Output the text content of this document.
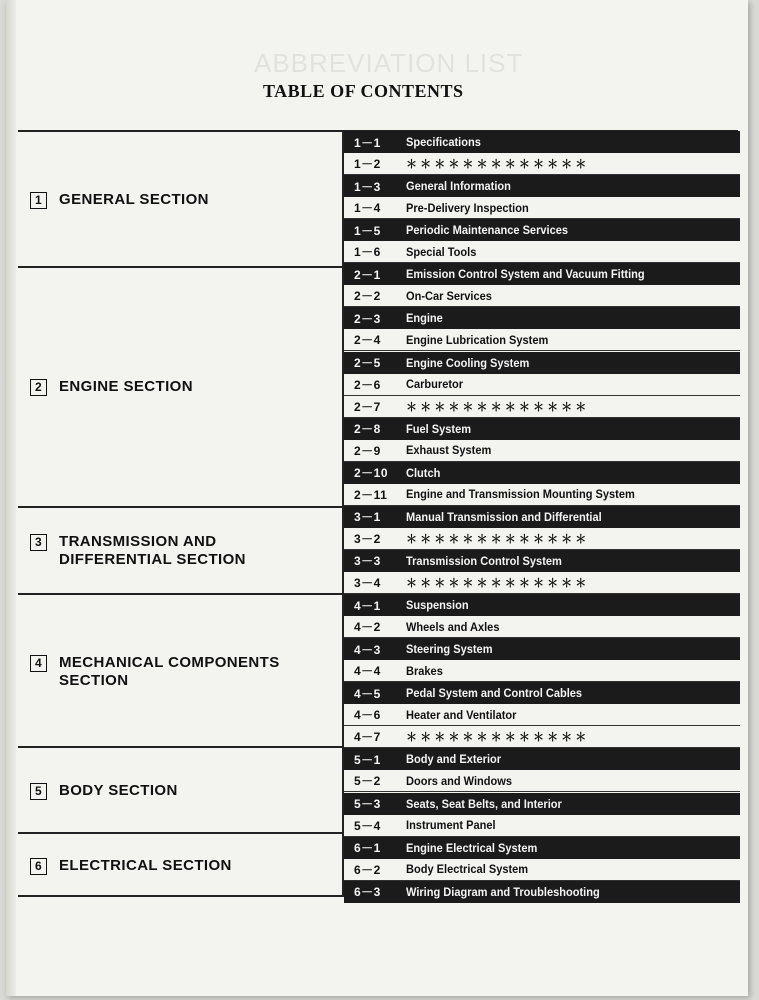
ABBREVIATION LIST
TABLE OF CONTENTS
1	GENERAL SECTION
2	ENGINE SECTION
3	TRANSMISSION AND
DIFFERENTIAL SECTION
4	MECHANICAL COMPONENTS
SECTION
5	BODY SECTION
6	ELECTRICAL SECTION
1－1	Specifications
1－2	＊ ＊ ＊ ＊ ＊ ＊ ＊ ＊ ＊ ＊ ＊ ＊ ＊
1－3	General Information
1－4	Pre-Delivery Inspection
1－5	Periodic Maintenance Services
1－6	Special Tools
2－1	Emission Control System and Vacuum Fitting
2－2	On-Car Services
2－3	Engine
2－4	Engine Lubrication System
2－5	Engine Cooling System
2－6	Carburetor
2－7	＊ ＊ ＊ ＊ ＊ ＊ ＊ ＊ ＊ ＊ ＊ ＊ ＊
2－8	Fuel System
2－9	Exhaust System
2－10	Clutch
2－11	Engine and Transmission Mounting System
3－1	Manual Transmission and Differential
3－2	＊ ＊ ＊ ＊ ＊ ＊ ＊ ＊ ＊ ＊ ＊ ＊ ＊
3－3	Transmission Control System
3－4	＊ ＊ ＊ ＊ ＊ ＊ ＊ ＊ ＊ ＊ ＊ ＊ ＊
4－1	Suspension
4－2	Wheels and Axles
4－3	Steering System
4－4	Brakes
4－5	Pedal System and Control Cables
4－6	Heater and Ventilator
4－7	＊ ＊ ＊ ＊ ＊ ＊ ＊ ＊ ＊ ＊ ＊ ＊ ＊
5－1	Body and Exterior
5－2	Doors and Windows
5－3	Seats, Seat Belts, and Interior
5－4	Instrument Panel
6－1	Engine Electrical System
6－2	Body Electrical System
6－3	Wiring Diagram and Troubleshooting
